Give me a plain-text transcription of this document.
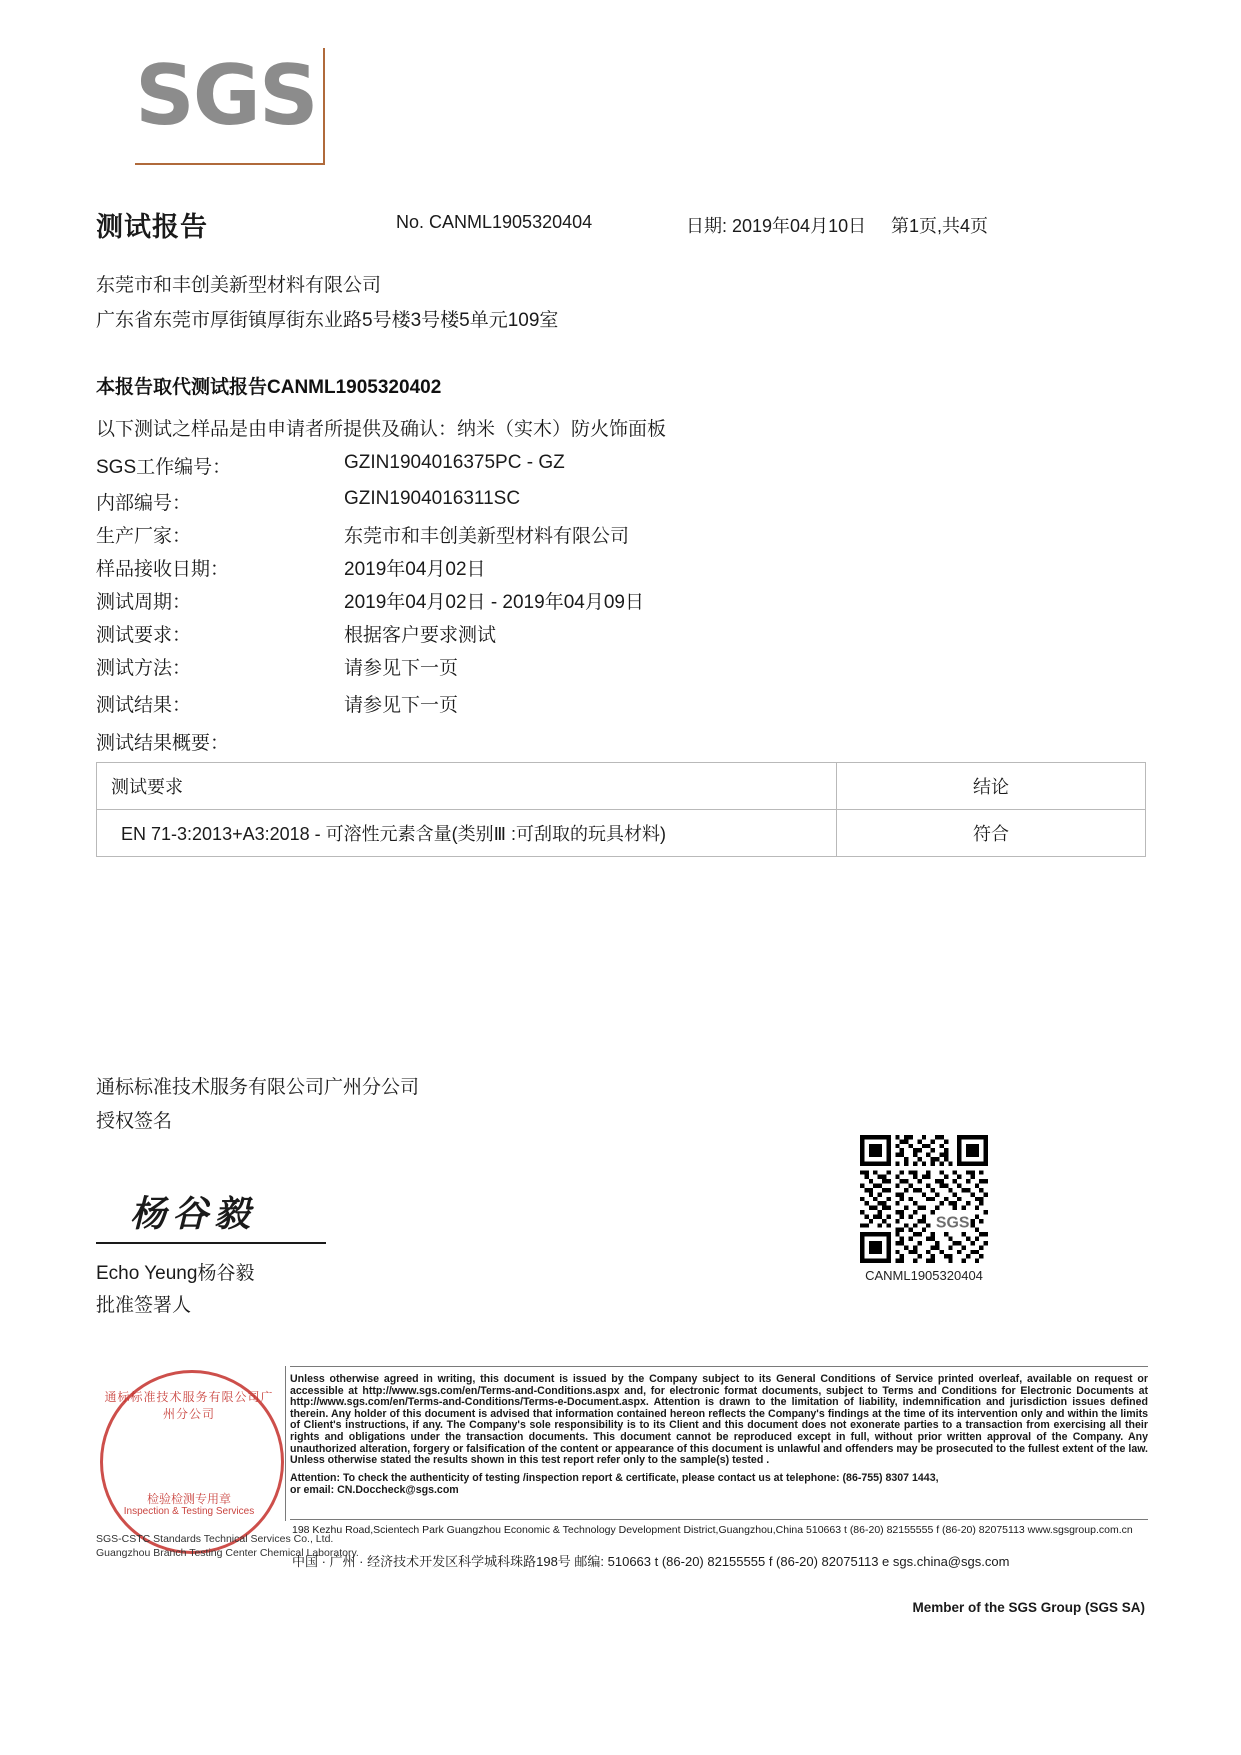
SGS
测试报告	No. CANML1905320404	日期: 2019年04月10日 第1页,共4页
东莞市和丰创美新型材料有限公司
广东省东莞市厚街镇厚街东业路5号楼3号楼5单元109室
本报告取代测试报告CANML1905320402
以下测试之样品是由申请者所提供及确认：纳米（实木）防火饰面板
SGS工作编号：	GZIN1904016375PC - GZ
内部编号：	GZIN1904016311SC
生产厂家：	东莞市和丰创美新型材料有限公司
样品接收日期：	2019年04月02日
测试周期：	2019年04月02日 - 2019年04月09日
测试要求：	根据客户要求测试
测试方法：	请参见下一页
测试结果：	请参见下一页
测试结果概要：
测试要求	结论
EN 71-3:2013+A3:2018 - 可溶性元素含量(类别Ⅲ :可刮取的玩具材料)	符合
通标标准技术服务有限公司广州分公司
授权签名
杨谷毅
Echo Yeung杨谷毅
批准签署人
SGS
CANML1905320404
通标标准技术服务有限公司广州分公司
检验检测专用章
Inspection & Testing Services
SGS-CSTC Standards Technical Services Co., Ltd.
Guangzhou Branch Testing Center Chemical Laboratory.
Unless otherwise agreed in writing, this document is issued by the Company subject to its General Conditions of Service printed overleaf, available on request or accessible at http://www.sgs.com/en/Terms-and-Conditions.aspx and, for electronic format documents, subject to Terms and Conditions for Electronic Documents at http://www.sgs.com/en/Terms-and-Conditions/Terms-e-Document.aspx. Attention is drawn to the limitation of liability, indemnification and jurisdiction issues defined therein. Any holder of this document is advised that information contained hereon reflects the Company's findings at the time of its intervention only and within the limits of Client's instructions, if any. The Company's sole responsibility is to its Client and this document does not exonerate parties to a transaction from exercising all their rights and obligations under the transaction documents. This document cannot be reproduced except in full, without prior written approval of the Company. Any unauthorized alteration, forgery or falsification of the content or appearance of this document is unlawful and offenders may be prosecuted to the fullest extent of the law. Unless otherwise stated the results shown in this test report refer only to the sample(s) tested .
Attention: To check the authenticity of testing /inspection report & certificate, please contact us at telephone: (86-755) 8307 1443,
or email: CN.Doccheck@sgs.com
198 Kezhu Road,Scientech Park Guangzhou Economic & Technology Development District,Guangzhou,China 510663 t (86-20) 82155555 f (86-20) 82075113 www.sgsgroup.com.cn
中国 · 广州 · 经济技术开发区科学城科珠路198号 邮编: 510663 t (86-20) 82155555 f (86-20) 82075113 e sgs.china@sgs.com
Member of the SGS Group (SGS SA)
